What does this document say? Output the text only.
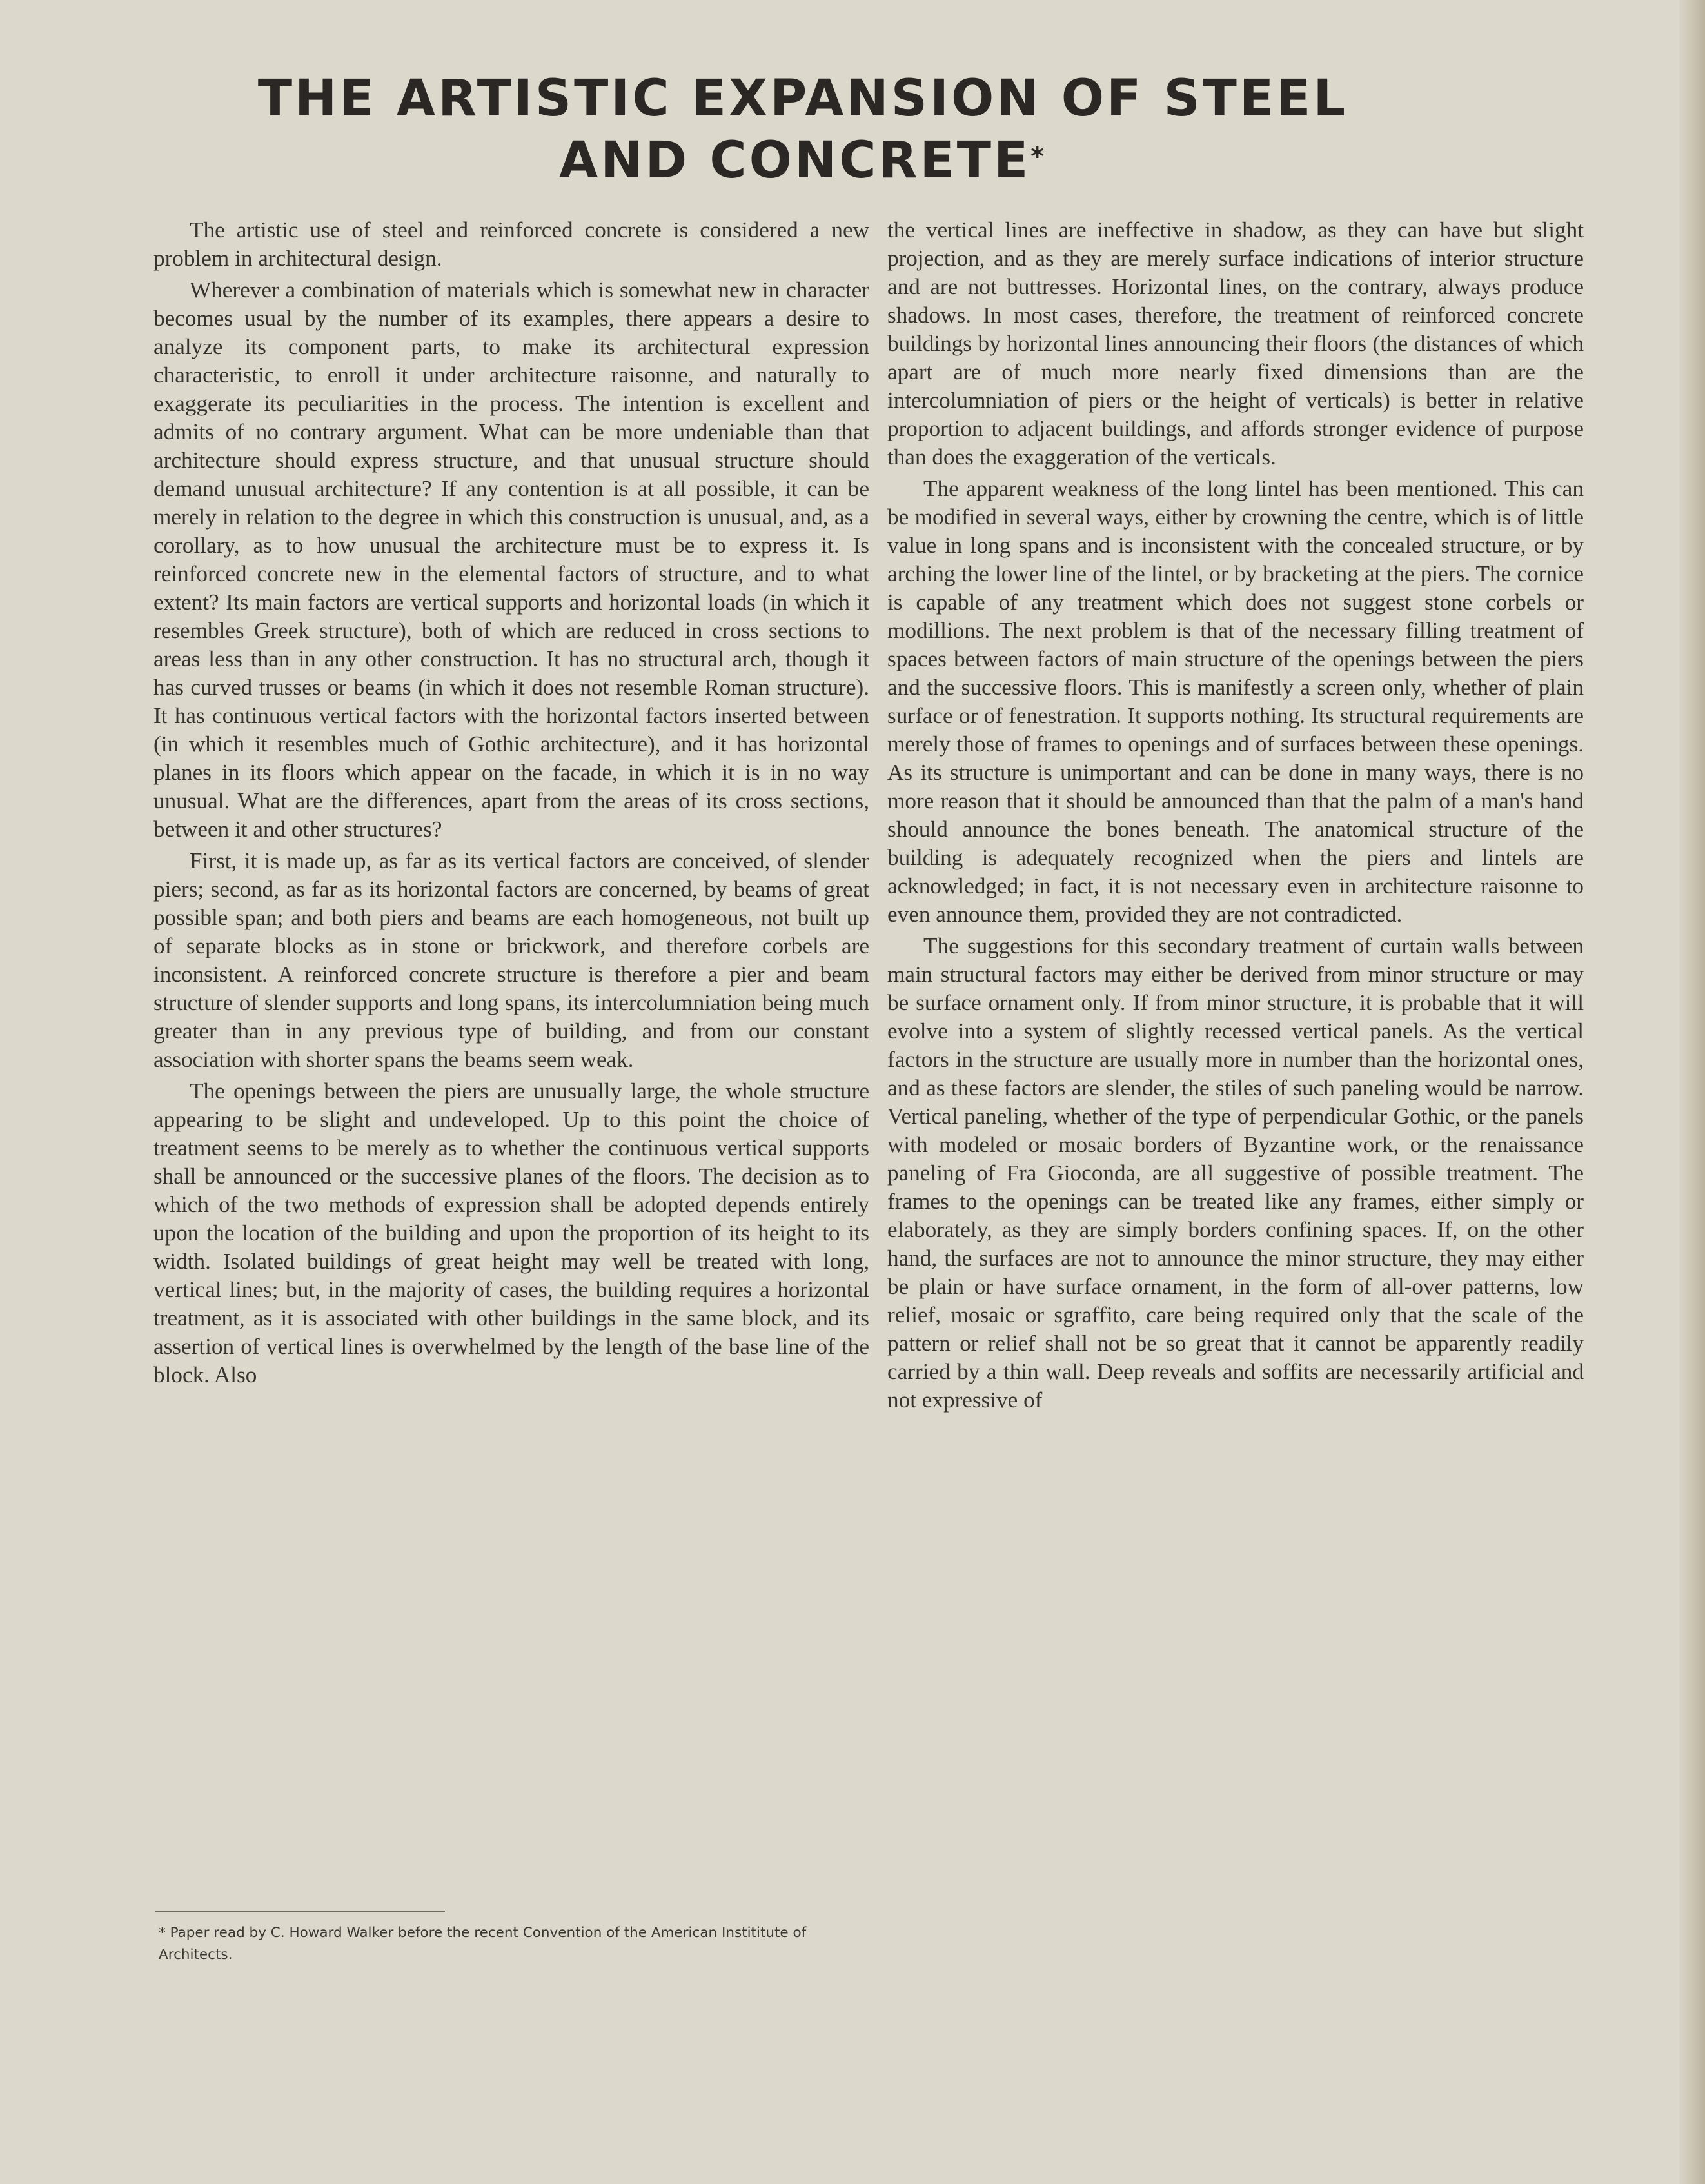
THE ARTISTIC EXPANSION OF STEEL
AND CONCRETE*

The artistic use of steel and reinforced concrete is considered a new problem in architectural design.

Wherever a combination of materials which is somewhat new in character becomes usual by the number of its examples, there appears a desire to analyze its component parts, to make its architectural expression characteristic, to enroll it under architecture raisonne, and naturally to exaggerate its peculiarities in the process. The intention is excellent and admits of no contrary argument. What can be more undeniable than that architecture should express structure, and that unusual structure should demand unusual architecture? If any contention is at all possible, it can be merely in relation to the degree in which this construction is unusual, and, as a corollary, as to how unusual the architecture must be to express it. Is reinforced concrete new in the elemental factors of structure, and to what extent? Its main factors are vertical supports and horizontal loads (in which it resembles Greek structure), both of which are reduced in cross sections to areas less than in any other construction. It has no structural arch, though it has curved trusses or beams (in which it does not resemble Roman structure). It has continuous vertical factors with the horizontal factors inserted between (in which it resembles much of Gothic architecture), and it has horizontal planes in its floors which appear on the facade, in which it is in no way unusual. What are the differences, apart from the areas of its cross sections, between it and other structures?

First, it is made up, as far as its vertical factors are conceived, of slender piers; second, as far as its horizontal factors are concerned, by beams of great possible span; and both piers and beams are each homogeneous, not built up of separate blocks as in stone or brickwork, and therefore corbels are inconsistent. A reinforced concrete structure is therefore a pier and beam structure of slender supports and long spans, its intercolumniation being much greater than in any previous type of building, and from our constant association with shorter spans the beams seem weak.

The openings between the piers are unusually large, the whole structure appearing to be slight and undeveloped. Up to this point the choice of treatment seems to be merely as to whether the continuous vertical supports shall be announced or the successive planes of the floors. The decision as to which of the two methods of expression shall be adopted depends entirely upon the location of the building and upon the proportion of its height to its width. Isolated buildings of great height may well be treated with long, vertical lines; but, in the majority of cases, the building requires a horizontal treatment, as it is associated with other buildings in the same block, and its assertion of vertical lines is overwhelmed by the length of the base line of the block. Also

the vertical lines are ineffective in shadow, as they can have but slight projection, and as they are merely surface indications of interior structure and are not buttresses. Horizontal lines, on the contrary, always produce shadows. In most cases, therefore, the treatment of reinforced concrete buildings by horizontal lines announcing their floors (the distances of which apart are of much more nearly fixed dimensions than are the intercolumniation of piers or the height of verticals) is better in relative proportion to adjacent buildings, and affords stronger evidence of purpose than does the exaggeration of the verticals.

The apparent weakness of the long lintel has been mentioned. This can be modified in several ways, either by crowning the centre, which is of little value in long spans and is inconsistent with the concealed structure, or by arching the lower line of the lintel, or by bracketing at the piers. The cornice is capable of any treatment which does not suggest stone corbels or modillions. The next problem is that of the necessary filling treatment of spaces between factors of main structure of the openings between the piers and the successive floors. This is manifestly a screen only, whether of plain surface or of fenestration. It supports nothing. Its structural requirements are merely those of frames to openings and of surfaces between these openings. As its structure is unimportant and can be done in many ways, there is no more reason that it should be announced than that the palm of a man's hand should announce the bones beneath. The anatomical structure of the building is adequately recognized when the piers and lintels are acknowledged; in fact, it is not necessary even in architecture raisonne to even announce them, provided they are not contradicted.

The suggestions for this secondary treatment of curtain walls between main structural factors may either be derived from minor structure or may be surface ornament only. If from minor structure, it is probable that it will evolve into a system of slightly recessed vertical panels. As the vertical factors in the structure are usually more in number than the horizontal ones, and as these factors are slender, the stiles of such paneling would be narrow. Vertical paneling, whether of the type of perpendicular Gothic, or the panels with modeled or mosaic borders of Byzantine work, or the renaissance paneling of Fra Gioconda, are all suggestive of possible treatment. The frames to the openings can be treated like any frames, either simply or elaborately, as they are simply borders confining spaces. If, on the other hand, the surfaces are not to announce the minor structure, they may either be plain or have surface ornament, in the form of all-over patterns, low relief, mosaic or sgraffito, care being required only that the scale of the pattern or relief shall not be so great that it cannot be apparently readily carried by a thin wall. Deep reveals and soffits are necessarily artificial and not expressive of

* Paper read by C. Howard Walker before the recent Convention of the American Instititute of Architects.
